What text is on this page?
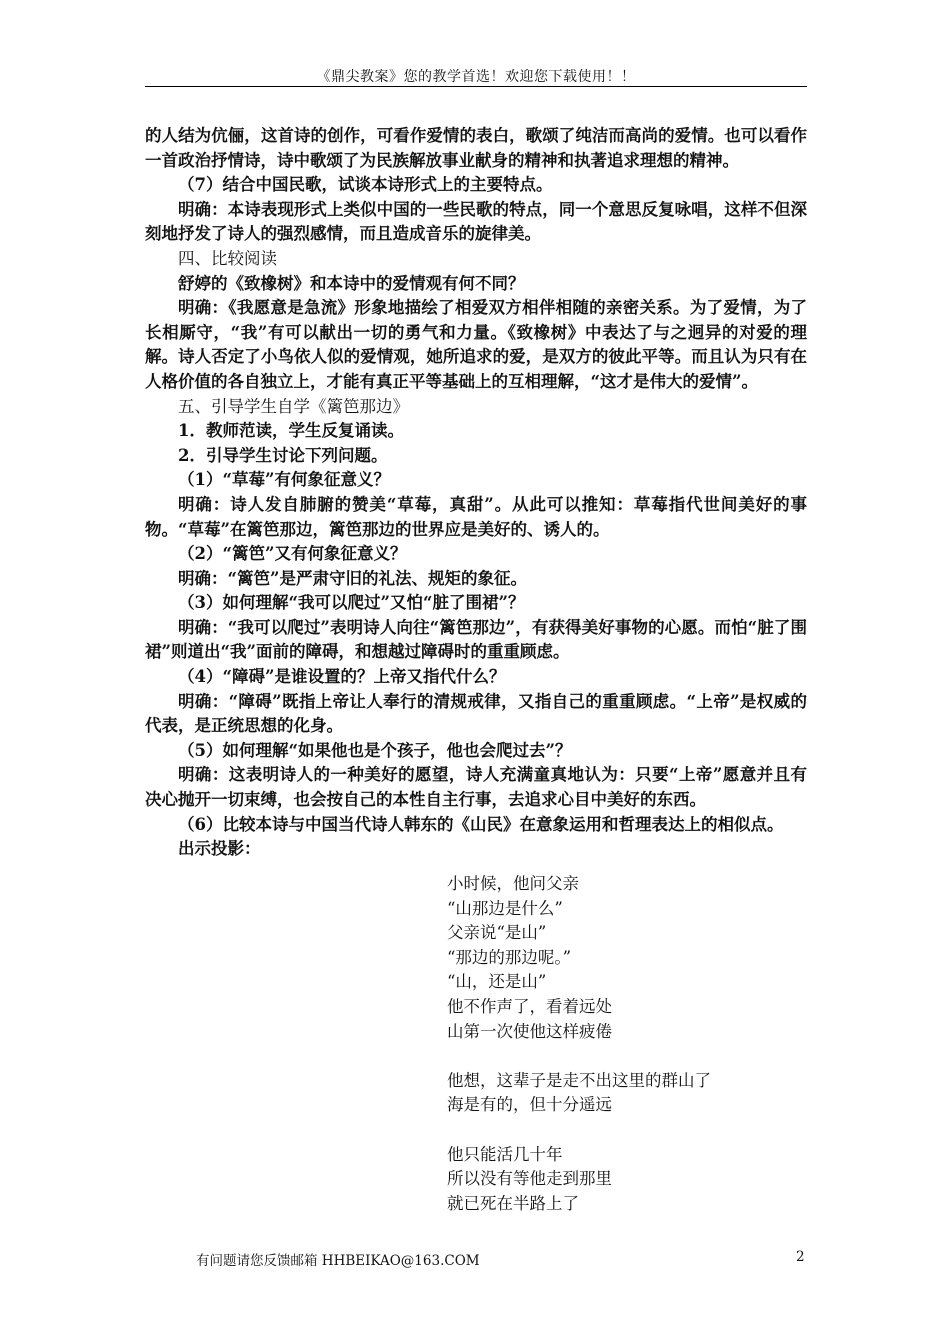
《鼎尖教案》您的教学首选！欢迎您下载使用！！

的人结为伉俪，这首诗的创作，可看作爱情的表白，歌颂了纯洁而高尚的爱情。也可以看作一首政治抒情诗，诗中歌颂了为民族解放事业献身的精神和执著追求理想的精神。

（7）结合中国民歌，试谈本诗形式上的主要特点。

明确：本诗表现形式上类似中国的一些民歌的特点，同一个意思反复咏唱，这样不但深刻地抒发了诗人的强烈感情，而且造成音乐的旋律美。

四、比较阅读

舒婷的《致橡树》和本诗中的爱情观有何不同？

明确：《我愿意是急流》形象地描绘了相爱双方相伴相随的亲密关系。为了爱情，为了长相厮守，“我”有可以献出一切的勇气和力量。《致橡树》中表达了与之迥异的对爱的理解。诗人否定了小鸟依人似的爱情观，她所追求的爱，是双方的彼此平等。而且认为只有在人格价值的各自独立上，才能有真正平等基础上的互相理解，“这才是伟大的爱情”。

五、引导学生自学《篱笆那边》

1．教师范读，学生反复诵读。

2．引导学生讨论下列问题。

（1）“草莓”有何象征意义？

明确：诗人发自肺腑的赞美“草莓，真甜”。从此可以推知：草莓指代世间美好的事物。“草莓”在篱笆那边，篱笆那边的世界应是美好的、诱人的。

（2）“篱笆”又有何象征意义？

明确：“篱笆”是严肃守旧的礼法、规矩的象征。

（3）如何理解“我可以爬过”又怕“脏了围裙”？

明确：“我可以爬过”表明诗人向往“篱笆那边”，有获得美好事物的心愿。而怕“脏了围裙”则道出“我”面前的障碍，和想越过障碍时的重重顾虑。

（4）“障碍”是谁设置的？上帝又指代什么？

明确：“障碍”既指上帝让人奉行的清规戒律，又指自己的重重顾虑。“上帝”是权威的代表，是正统思想的化身。

（5）如何理解“如果他也是个孩子，他也会爬过去”？

明确：这表明诗人的一种美好的愿望，诗人充满童真地认为：只要“上帝”愿意并且有决心抛开一切束缚，也会按自己的本性自主行事，去追求心目中美好的东西。

（6）比较本诗与中国当代诗人韩东的《山民》在意象运用和哲理表达上的相似点。

出示投影：

小时候，他问父亲
“山那边是什么”
父亲说“是山”
“那边的那边呢。”
“山，还是山”
他不作声了，看着远处
山第一次使他这样疲倦
他想，这辈子是走不出这里的群山了
海是有的，但十分遥远
他只能活几十年
所以没有等他走到那里
就已死在半路上了
有问题请您反馈邮箱 HHBEIKAO@163.COM	2
